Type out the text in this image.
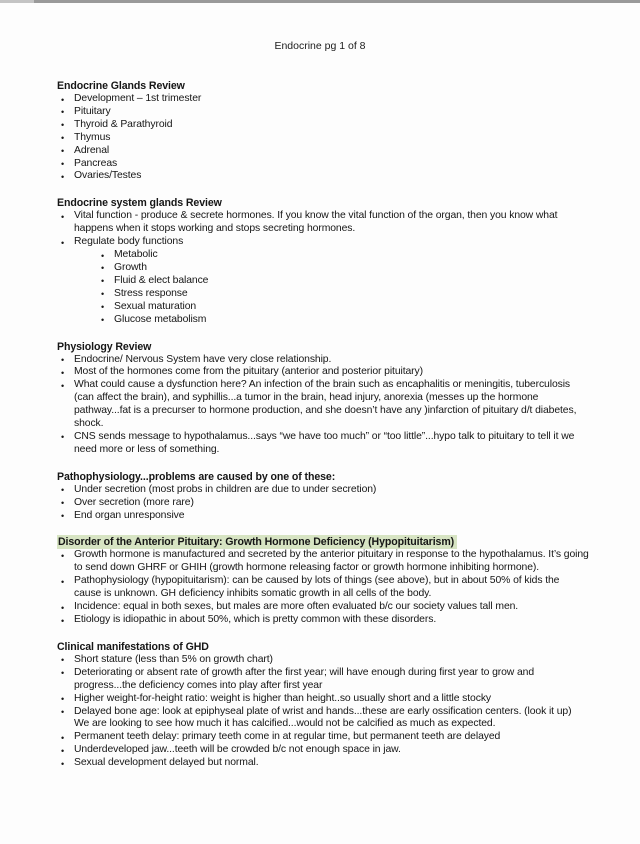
Endocrine pg 1 of 8
Endocrine Glands Review
• Development – 1st trimester
• Pituitary
• Thyroid & Parathyroid
• Thymus
• Adrenal
• Pancreas
• Ovaries/Testes
Endocrine system glands Review
• Vital function - produce & secrete hormones. If you know the vital function of the organ, then you know what happens when it stops working and stops secreting hormones.
• Regulate body functions
• Metabolic
• Growth
• Fluid & elect balance
• Stress response
• Sexual maturation
• Glucose metabolism
Physiology Review
• Endocrine/ Nervous System have very close relationship.
• Most of the hormones come from the pituitary (anterior and posterior pituitary)
• What could cause a dysfunction here? An infection of the brain such as encaphalitis or meningitis, tuberculosis (can affect the brain), and syphillis...a tumor in the brain, head injury, anorexia (messes up the hormone pathway...fat is a precurser to hormone production, and she doesn’t have any )infarction of pituitary d/t diabetes, shock.
• CNS sends message to hypothalamus...says “we have too much” or “too little”...hypo talk to pituitary to tell it we need more or less of something.
Pathophysiology...problems are caused by one of these:
• Under secretion (most probs in children are due to under secretion)
• Over secretion (more rare)
• End organ unresponsive
Disorder of the Anterior Pituitary: Growth Hormone Deficiency (Hypopituitarism)
• Growth hormone is manufactured and secreted by the anterior pituitary in response to the hypothalamus. It’s going to send down GHRF or GHIH (growth hormone releasing factor or growth hormone inhibiting hormone).
• Pathophysiology (hypopituitarism): can be caused by lots of things (see above), but in about 50% of kids the cause is unknown. GH deficiency inhibits somatic growth in all cells of the body.
• Incidence: equal in both sexes, but males are more often evaluated b/c our society values tall men.
• Etiology is idiopathic in about 50%, which is pretty common with these disorders.
Clinical manifestations of GHD
• Short stature (less than 5% on growth chart)
• Deteriorating or absent rate of growth after the first year; will have enough during first year to grow and progress...the deficiency comes into play after first year
• Higher weight-for-height ratio: weight is higher than height..so usually short and a little stocky
• Delayed bone age: look at epiphyseal plate of wrist and hands...these are early ossification centers. (look it up) We are looking to see how much it has calcified...would not be calcified as much as expected.
• Permanent teeth delay: primary teeth come in at regular time, but permanent teeth are delayed
• Underdeveloped jaw...teeth will be crowded b/c not enough space in jaw.
• Sexual development delayed but normal.
